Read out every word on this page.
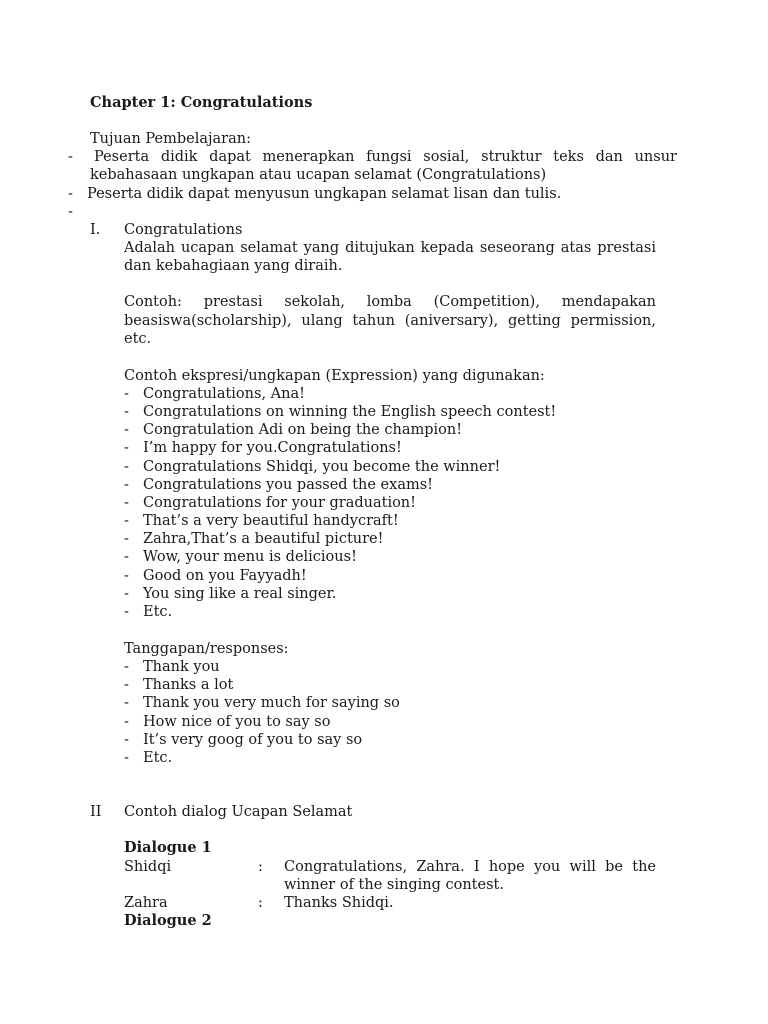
Chapter 1: Congratulations
Tujuan Pembelajaran:
- Peserta didik dapat menerapkan fungsi sosial, struktur teks dan unsur
kebahasaan ungkapan atau ucapan selamat (Congratulations)
- Peserta didik dapat menyusun ungkapan selamat lisan dan tulis.
-
I. Congratulations
Adalah ucapan selamat yang ditujukan kepada seseorang atas prestasi
dan kebahagiaan yang diraih.
Contoh: prestasi sekolah, lomba (Competition), mendapakan
beasiswa(scholarship), ulang tahun (aniversary), getting permission,
etc.
Contoh ekspresi/ungkapan (Expression) yang digunakan:
- Congratulations, Ana!
- Congratulations on winning the English speech contest!
- Congratulation Adi on being the champion!
- I’m happy for you.Congratulations!
- Congratulations Shidqi, you become the winner!
- Congratulations you passed the exams!
- Congratulations for your graduation!
- That’s a very beautiful handycraft!
- Zahra,That’s a beautiful picture!
- Wow, your menu is delicious!
- Good on you Fayyadh!
- You sing like a real singer.
- Etc.
Tanggapan/responses:
- Thank you
- Thanks a lot
- Thank you very much for saying so
- How nice of you to say so
- It’s very goog of you to say so
- Etc.
II Contoh dialog Ucapan Selamat
Dialogue 1
Shidqi	: Congratulations, Zahra. I hope you will be the
winner of the singing contest.
Zahra	: Thanks Shidqi.
Dialogue 2
